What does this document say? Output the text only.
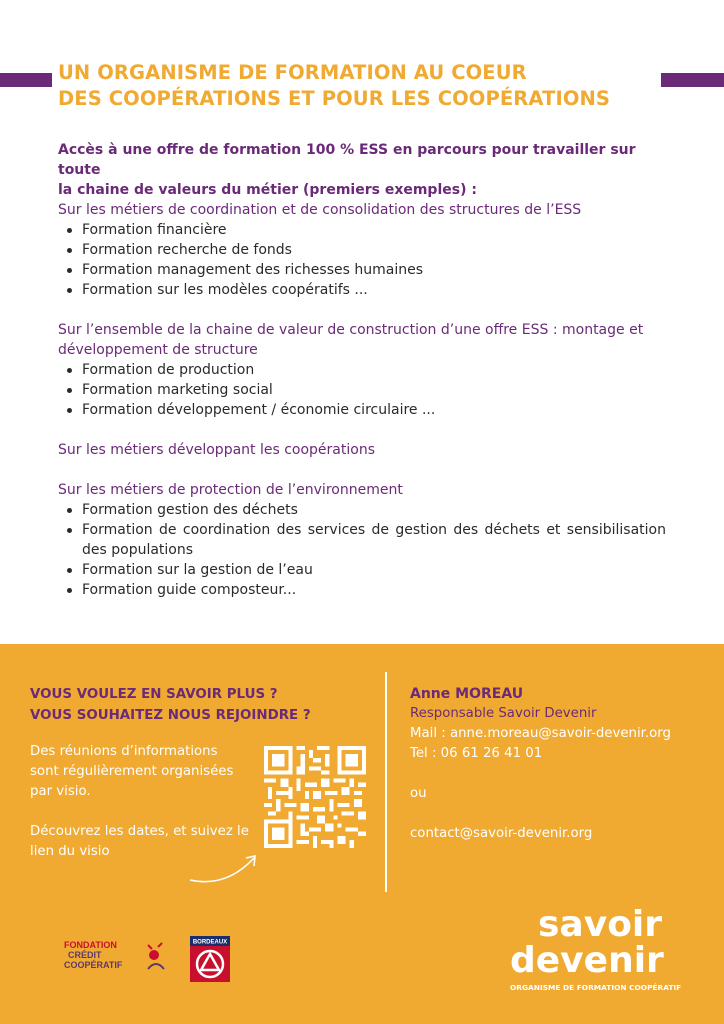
UN ORGANISME DE FORMATION AU COEUR
DES COOPÉRATIONS ET POUR LES COOPÉRATIONS
Accès à une offre de formation 100 % ESS en parcours pour travailler sur toute
la chaine de valeurs du métier (premiers exemples) :

Sur les métiers de coordination et de consolidation des structures de l’ESS

Formation financière
Formation recherche de fonds
Formation management des richesses humaines
Formation sur les modèles coopératifs ...

Sur l’ensemble de la chaine de valeur de construction d’une offre ESS : montage et développement de structure

Formation de production
Formation marketing social
Formation développement / économie circulaire ...

Sur les métiers développant les coopérations

Sur les métiers de protection de l’environnement

Formation gestion des déchets
Formation de coordination des services de gestion des déchets et sensibilisation des populations
Formation sur la gestion de l’eau
Formation guide composteur...
VOUS VOULEZ EN SAVOIR PLUS ?
VOUS SOUHAITEZ NOUS REJOINDRE ?
Des réunions d’informations sont régulièrement organisées par visio.
Découvrez les dates, et suivez le lien du visio
Anne MOREAU
Responsable Savoir Devenir
Mail : anne.moreau@savoir-devenir.org
Tel : 06 61 26 41 01
ou
contact@savoir-devenir.org
FONDATION
CRÉDIT
COOPÉRATIF
BORDEAUX	savoir
devenir
ORGANISME DE FORMATION COOPÉRATIF
